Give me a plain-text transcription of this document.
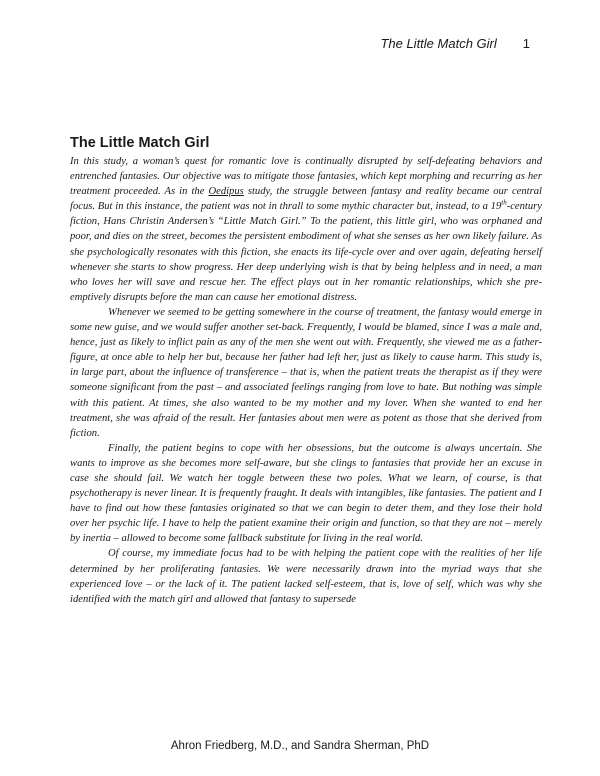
The Little Match Girl 1
The Little Match Girl

In this study, a woman’s quest for romantic love is continually disrupted by self-defeating behaviors and entrenched fantasies. Our objective was to mitigate those fantasies, which kept morphing and recurring as her treatment proceeded. As in the Oedipus study, the struggle between fantasy and reality became our central focus. But in this instance, the patient was not in thrall to some mythic character but, instead, to a 19th-century fiction, Hans Christin Andersen’s “Little Match Girl.” To the patient, this little girl, who was orphaned and poor, and dies on the street, becomes the persistent embodiment of what she senses as her own likely failure. As she psychologically resonates with this fiction, she enacts its life-cycle over and over again, defeating herself whenever she starts to show progress. Her deep underlying wish is that by being helpless and in need, a man who loves her will save and rescue her. The effect plays out in her romantic relationships, which she pre-emptively disrupts before the man can cause her emotional distress.

Whenever we seemed to be getting somewhere in the course of treatment, the fantasy would emerge in some new guise, and we would suffer another set-back. Frequently, I would be blamed, since I was a male and, hence, just as likely to inflict pain as any of the men she went out with. Frequently, she viewed me as a father-figure, at once able to help her but, because her father had left her, just as likely to cause harm. This study is, in large part, about the influence of transference – that is, when the patient treats the therapist as if they were someone significant from the past – and associated feelings ranging from love to hate. But nothing was simple with this patient. At times, she also wanted to be my mother and my lover. When she wanted to end her treatment, she was afraid of the result. Her fantasies about men were as potent as those that she derived from fiction.

Finally, the patient begins to cope with her obsessions, but the outcome is always uncertain. She wants to improve as she becomes more self-aware, but she clings to fantasies that provide her an excuse in case she should fail. We watch her toggle between these two poles. What we learn, of course, is that psychotherapy is never linear. It is frequently fraught. It deals with intangibles, like fantasies. The patient and I have to find out how these fantasies originated so that we can begin to deter them, and they lose their hold over her psychic life. I have to help the patient examine their origin and function, so that they are not – merely by inertia – allowed to become some fallback substitute for living in the real world.

Of course, my immediate focus had to be with helping the patient cope with the realities of her life determined by her proliferating fantasies. We were necessarily drawn into the myriad ways that she experienced love – or the lack of it. The patient lacked self-esteem, that is, love of self, which was why she identified with the match girl and allowed that fantasy to supersede

Ahron Friedberg, M.D., and Sandra Sherman, PhD
